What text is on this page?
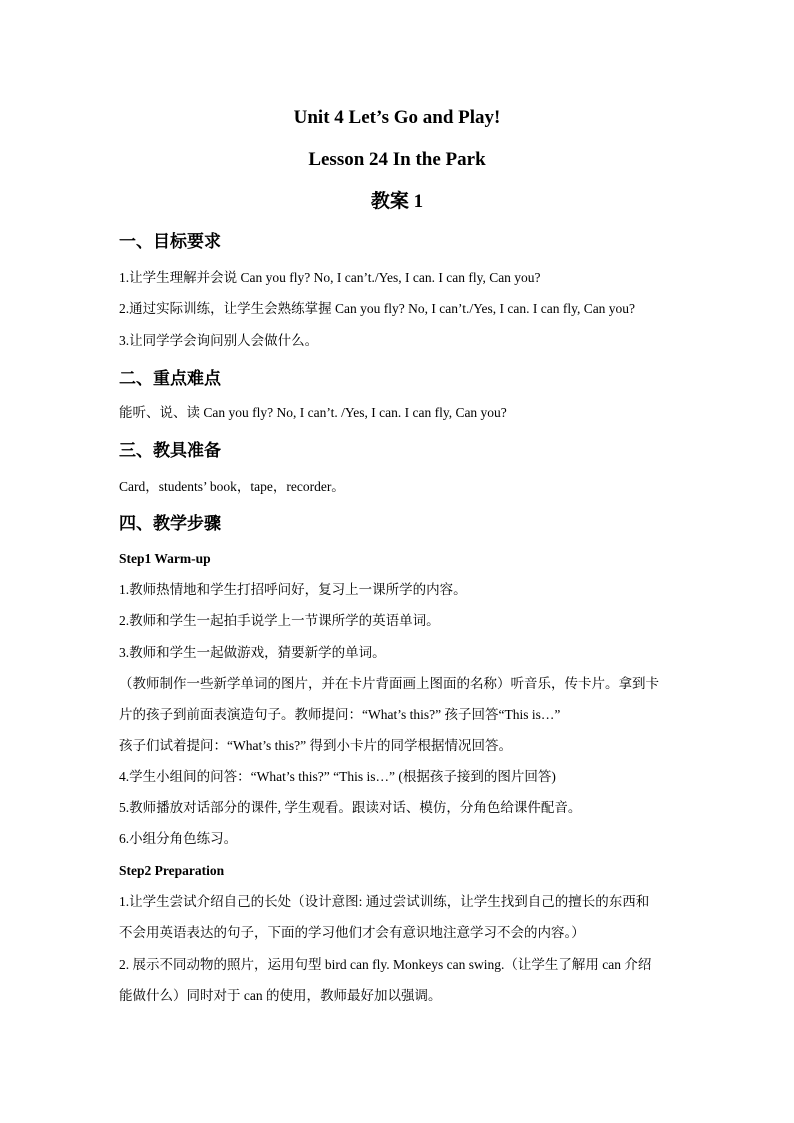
Unit 4 Let’s Go and Play!
Lesson 24 In the Park
教案 1
一、目标要求
1.让学生理解并会说 Can you fly? No, I can’t./Yes, I can. I can fly, Can you?
2.通过实际训练，让学生会熟练掌握 Can you fly? No, I can’t./Yes, I can. I can fly, Can you?
3.让同学学会询问别人会做什么。
二、重点难点
能听、说、读 Can you fly? No, I can’t. /Yes, I can. I can fly, Can you?
三、教具准备
Card，students’ book，tape，recorder。
四、教学步骤
Step1 Warm-up
1.教师热情地和学生打招呼问好，复习上一课所学的内容。
2.教师和学生一起拍手说学上一节课所学的英语单词。
3.教师和学生一起做游戏，猜要新学的单词。
（教师制作一些新学单词的图片，并在卡片背面画上图面的名称）听音乐，传卡片。拿到卡
片的孩子到前面表演造句子。教师提问：“What’s this?” 孩子回答“This is…”
孩子们试着提问：“What’s this?” 得到小卡片的同学根据情况回答。
4.学生小组间的问答：“What’s this?” “This is…” (根据孩子接到的图片回答)
5.教师播放对话部分的课件, 学生观看。跟读对话、模仿，分角色给课件配音。
6.小组分角色练习。
Step2 Preparation
1.让学生尝试介绍自己的长处（设计意图: 通过尝试训练，让学生找到自己的擅长的东西和
不会用英语表达的句子，下面的学习他们才会有意识地注意学习不会的内容。）
2. 展示不同动物的照片，运用句型 bird can fly. Monkeys can swing.（让学生了解用 can 介绍
能做什么）同时对于 can 的使用，教师最好加以强调。
